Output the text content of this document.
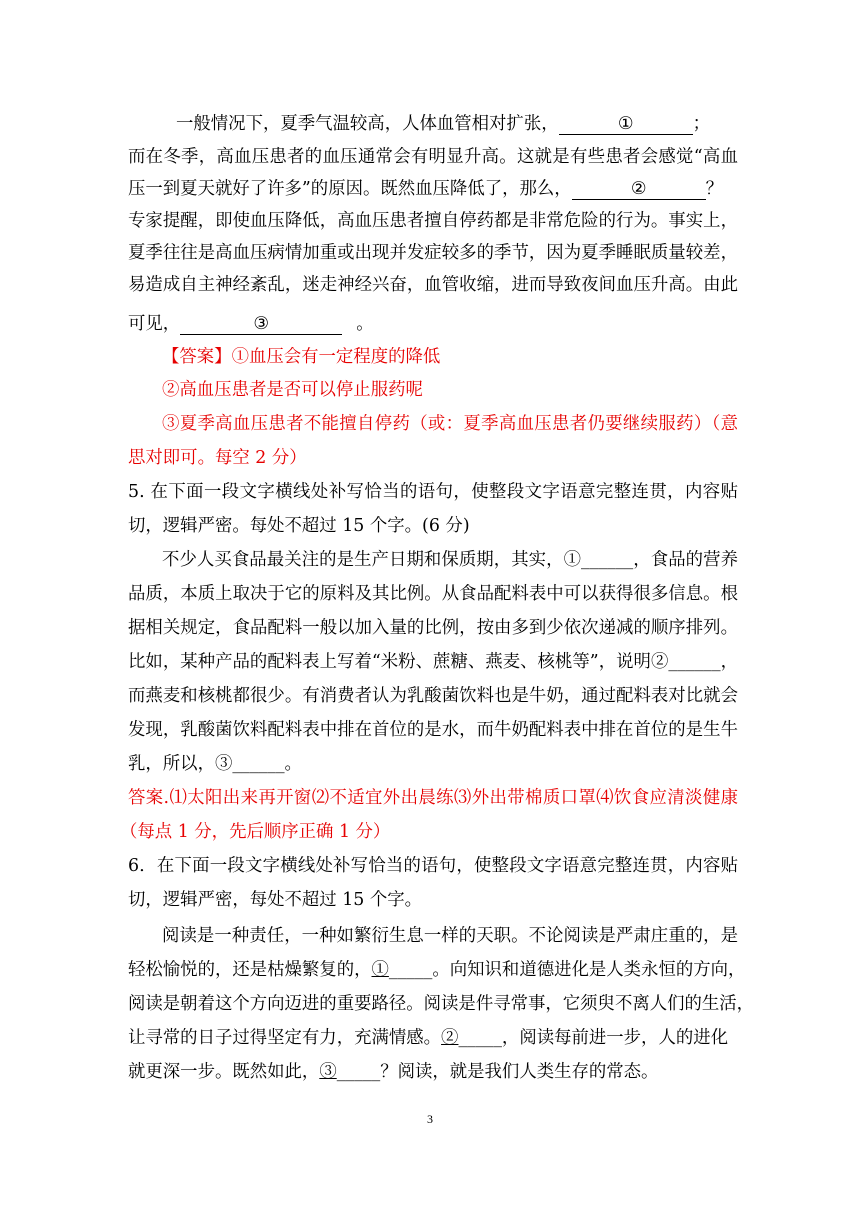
一般情况下，夏季气温较高，人体血管相对扩张，	①	；
而在冬季，高血压患者的血压通常会有明显升高。这就是有些患者会感觉“高血
压一到夏天就好了许多”的原因。既然血压降低了，那么，	②	？
专家提醒，即使血压降低，高血压患者擅自停药都是非常危险的行为。事实上，
夏季往往是高血压病情加重或出现并发症较多的季节，因为夏季睡眠质量较差，
易造成自主神经紊乱，迷走神经兴奋，血管收缩，进而导致夜间血压升高。由此
可见，	③	。
【答案】①血压会有一定程度的降低
②高血压患者是否可以停止服药呢
③夏季高血压患者不能擅自停药（或：夏季高血压患者仍要继续服药）（意
思对即可。每空 2 分）
5. 在下面一段文字横线处补写恰当的语句，使整段文字语意完整连贯，内容贴
切，逻辑严密。每处不超过 15 个字。(6 分)
不少人买食品最关注的是生产日期和保质期，其实，①______，食品的营养
品质，本质上取决于它的原料及其比例。从食品配料表中可以获得很多信息。根
据相关规定，食品配料一般以加入量的比例，按由多到少依次递减的顺序排列。
比如，某种产品的配料表上写着“米粉、蔗糖、燕麦、核桃等”，说明②______，
而燕麦和核桃都很少。有消费者认为乳酸菌饮料也是牛奶，通过配料表对比就会
发现，乳酸菌饮料配料表中排在首位的是水，而牛奶配料表中排在首位的是生牛
乳，所以，③______。
答案.⑴太阳出来再开窗⑵不适宜外出晨练⑶外出带棉质口罩⑷饮食应清淡健康
（每点 1 分，先后顺序正确 1 分）
6．在下面一段文字横线处补写恰当的语句，使整段文字语意完整连贯，内容贴
切，逻辑严密，每处不超过 15 个字。
阅读是一种责任，一种如繁衍生息一样的天职。不论阅读是严肃庄重的，是
轻松愉悦的，还是枯燥繁复的，①_____。向知识和道德进化是人类永恒的方向，
阅读是朝着这个方向迈进的重要路径。阅读是件寻常事，它须臾不离人们的生活，
让寻常的日子过得坚定有力，充满情感。②_____，阅读每前进一步，人的进化
就更深一步。既然如此，③_____？阅读，就是我们人类生存的常态。
3
